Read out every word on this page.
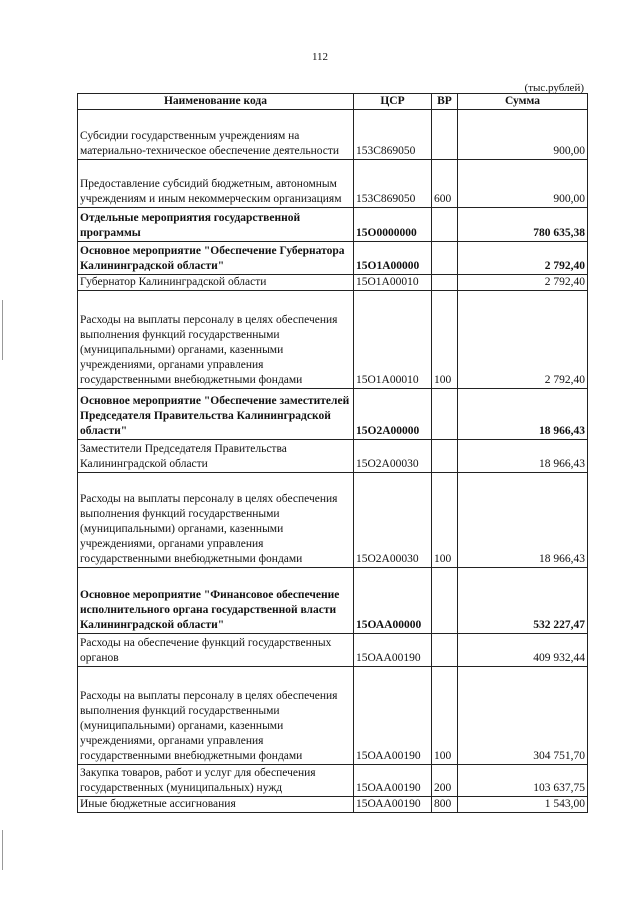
112
(тыс.рублей)
Наименование кода	ЦСР	ВР	Сумма
Субсидии государственным учреждениям на материально-техническое обеспечение деятельности	153С869050		900,00
Предоставление субсидий бюджетным, автономным учреждениям и иным некоммерческим организациям	153С869050	600	900,00
Отдельные мероприятия государственной программы	15О0000000		780 635,38
Основное мероприятие "Обеспечение Губернатора Калининградской области"	15О1А00000		2 792,40
Губернатор Калининградской области	15О1А00010		2 792,40
Расходы на выплаты персоналу в целях обеспечения выполнения функций государственными (муниципальными) органами, казенными учреждениями, органами управления государственными внебюджетными фондами	15О1А00010	100	2 792,40
Основное мероприятие "Обеспечение заместителей Председателя Правительства Калининградской области"	15О2А00000		18 966,43
Заместители Председателя Правительства Калининградской области	15О2А00030		18 966,43
Расходы на выплаты персоналу в целях обеспечения выполнения функций государственными (муниципальными) органами, казенными учреждениями, органами управления государственными внебюджетными фондами	15О2А00030	100	18 966,43
Основное мероприятие "Финансовое обеспечение исполнительного органа государственной власти Калининградской области"	15ОАА00000		532 227,47
Расходы на обеспечение функций государственных органов	15ОАА00190		409 932,44
Расходы на выплаты персоналу в целях обеспечения выполнения функций государственными (муниципальными) органами, казенными учреждениями, органами управления государственными внебюджетными фондами	15ОАА00190	100	304 751,70
Закупка товаров, работ и услуг для обеспечения государственных (муниципальных) нужд	15ОАА00190	200	103 637,75
Иные бюджетные ассигнования	15ОАА00190	800	1 543,00
